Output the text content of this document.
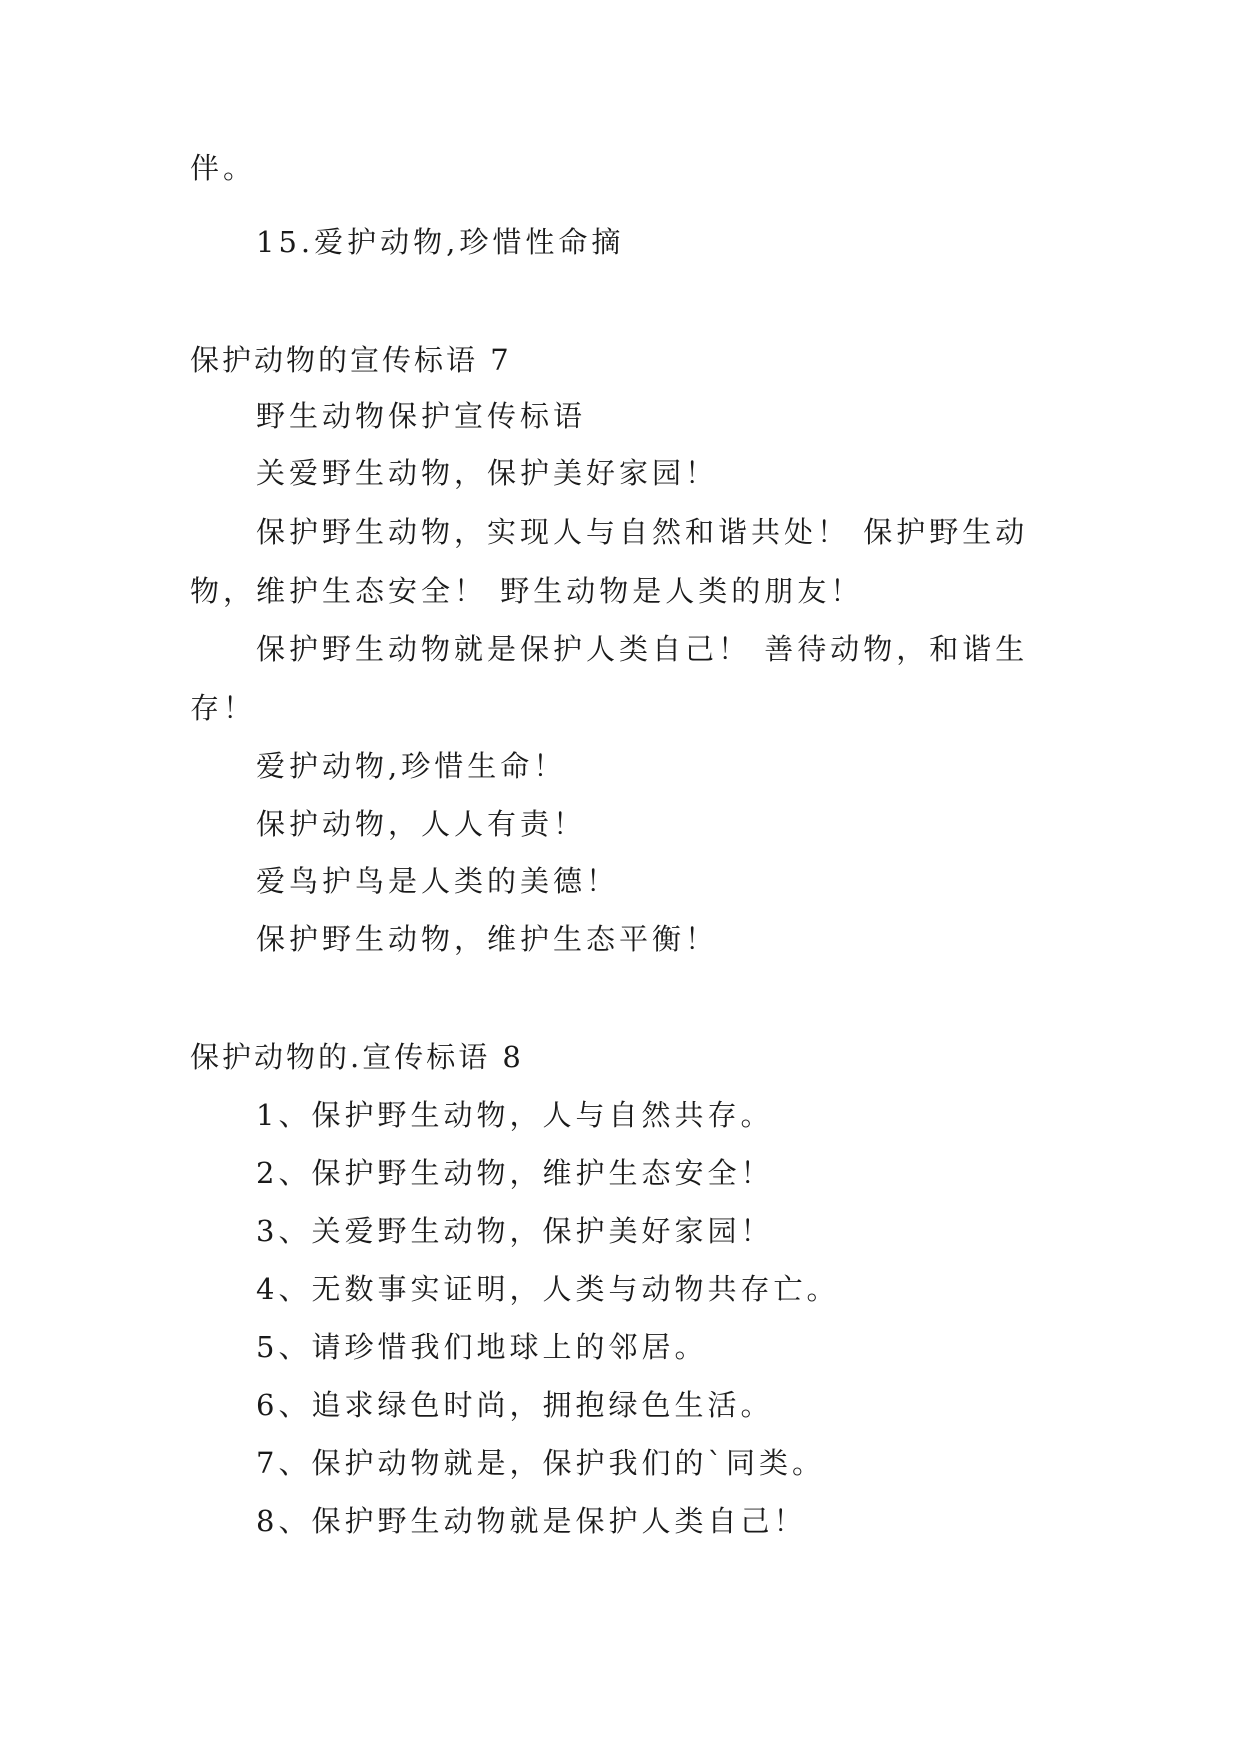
伴。
15.爱护动物,珍惜性命摘
保护动物的宣传标语 7
野生动物保护宣传标语
关爱野生动物，保护美好家园！
保护野生动物，实现人与自然和谐共处！ 保护野生动
物，维护生态安全！ 野生动物是人类的朋友！
保护野生动物就是保护人类自己！ 善待动物，和谐生
存！
爱护动物,珍惜生命！
保护动物，人人有责！
爱鸟护鸟是人类的美德！
保护野生动物，维护生态平衡！
保护动物的.宣传标语 8
1、保护野生动物，人与自然共存。
2、保护野生动物，维护生态安全！
3、关爱野生动物，保护美好家园！
4、无数事实证明，人类与动物共存亡。
5、请珍惜我们地球上的邻居。
6、追求绿色时尚，拥抱绿色生活。
7、保护动物就是，保护我们的`同类。
8、保护野生动物就是保护人类自己！
